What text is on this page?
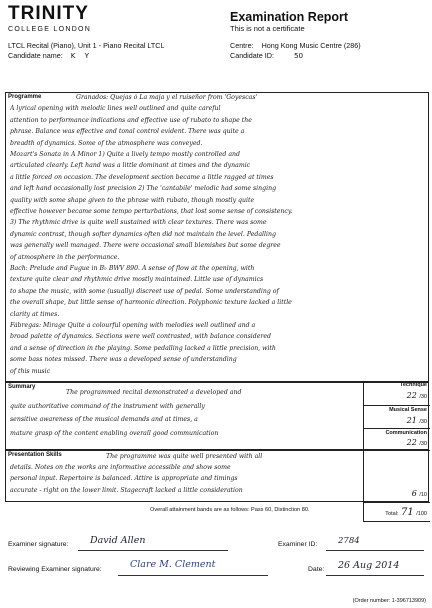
TRINITY
COLLEGE LONDON
Examination Report
This is not a certificate
LTCL Recital (Piano), Unit 1 - Piano Recital LTCL
Candidate name: K    Y
Centre: Hong Kong Music Centre (286)
Candidate ID:	50
Programme	Granados: Quejas ó La maja y el ruiseñor from 'Goyescas'
A lyrical opening with melodic lines well outlined and quite careful
attention to performance indications and effective use of rubato to shape the
phrase. Balance was effective and tonal control evident. There was quite a
breadth of dynamics. Some of the atmosphere was conveyed.
Mozart's Sonata in A Minor 1) Quite a lively tempo mostly controlled and
articulated clearly. Left hand was a little dominant at times and the dynamic
a little forced on occasion. The development section became a little ragged at times
and left hand occasionally lost precision 2) The 'cantabile' melodic had some singing
quality with some shape given to the phrase with rubato, though mostly quite
effective however became some tempo perturbations, that lost some sense of consistency.
3) The rhythmic drive is quite well sustained with clear textures. There was some
dynamic contrast, though softer dynamics often did not maintain the level. Pedalling
was generally well managed. There were occasional small blemishes but some degree
of atmosphere in the performance.
Bach: Prelude and Fugue in B♭ BWV 890. A sense of flow at the opening, with
texture quite clear and rhythmic drive mostly maintained. Little use of dynamics
to shape the music, with some (usually) discreet use of pedal. Some understanding of
the overall shape, but little sense of harmonic direction. Polyphonic texture lacked a little
clarity at times.
Fábregas: Mirage Quite a colourful opening with melodies well outlined and a
broad palette of dynamics. Sections were well contrasted, with balance considered
and a sense of direction in the playing. Some pedalling lacked a little precision, with
some bass notes missed. There was a developed sense of understanding
of this music
Summary
The programmed recital demonstrated a developed and
quite authoritative command of the instrument with generally
sensitive awareness of the musical demands and at times, a
mature grasp of the content enabling overall good communication
Presentation Skills	The programme was quite well presented with all
details. Notes on the works are informative accessible and show some
personal input. Repertoire is balanced. Attire is appropriate and timings
accurate - right on the lower limit. Stagecraft lacked a little consideration
Technique
22 /30
Musical Sense
21 /30
Communication
22 /30
6 /10
Total: 71 /100
Overall attainment bands are as follows: Pass 60, Distinction 80.
Examiner signature: David Allen	Examiner ID: 2784
Reviewing Examiner signature:	Clare M. Clement	Date: 26 Aug 2014
(Order number: 1-396713909)
